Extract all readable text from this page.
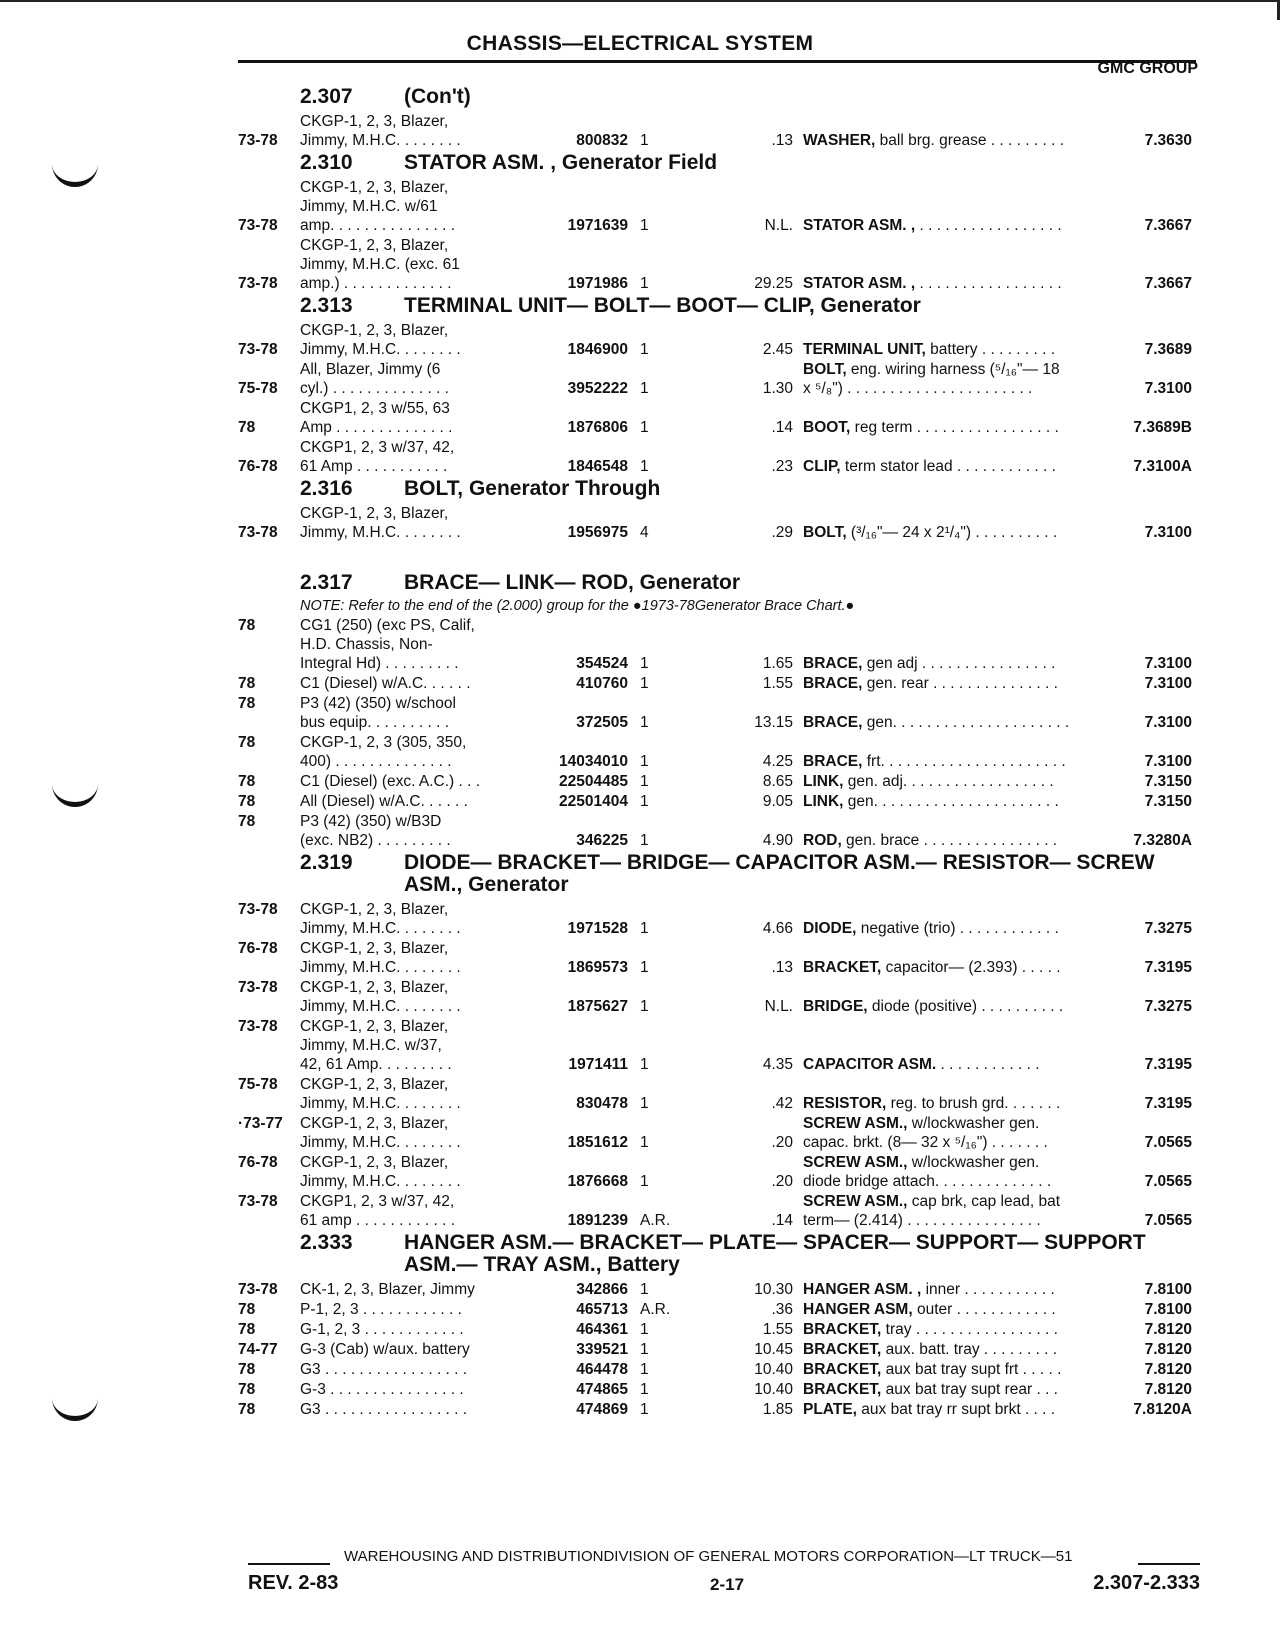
CHASSIS—ELECTRICAL SYSTEM
GMC GROUP
2.307	(Con't)
73-78
CKGP-1, 2, 3, Blazer,
Jimmy, M.H.C. . . . . . . .	800832 1	.13 WASHER, ball brg. grease . . . . . . . . .	7.3630
2.310	STATOR ASM. , Generator Field
73-78
CKGP-1, 2, 3, Blazer,
Jimmy, M.H.C. w/61
amp. . . . . . . . . . . . . . .	1971639 1	N.L. STATOR ASM. , . . . . . . . . . . . . . . . . .	7.3667
73-78
CKGP-1, 2, 3, Blazer,
Jimmy, M.H.C. (exc. 61
amp.) . . . . . . . . . . . . .	1971986 1	29.25 STATOR ASM. , . . . . . . . . . . . . . . . . .	7.3667
2.313	TERMINAL UNIT— BOLT— BOOT— CLIP, Generator
73-78
CKGP-1, 2, 3, Blazer,
Jimmy, M.H.C. . . . . . . .	1846900 1	2.45 TERMINAL UNIT, battery . . . . . . . . .	7.3689
75-78
All, Blazer, Jimmy (6
cyl.) . . . . . . . . . . . . . .	3952222 1	1.30
BOLT, eng. wiring harness (⁵/₁₆"— 18
x ⁵/₈") . . . . . . . . . . . . . . . . . . . . . .	7.3100
78
CKGP1, 2, 3 w/55, 63
Amp . . . . . . . . . . . . . .	1876806 1	.14 BOOT, reg term . . . . . . . . . . . . . . . . .	7.3689B
76-78
CKGP1, 2, 3 w/37, 42,
61 Amp . . . . . . . . . . .	1846548 1	.23 CLIP, term stator lead . . . . . . . . . . . .	7.3100A
2.316	BOLT, Generator Through
73-78
CKGP-1, 2, 3, Blazer,
Jimmy, M.H.C. . . . . . . .	1956975 4	.29 BOLT, (³/₁₆"— 24 x 2¹/₄") . . . . . . . . . .	7.3100
2.317	BRACE— LINK— ROD, Generator
NOTE: Refer to the end of the (2.000) group for the ●1973-78Generator Brace Chart.●
78	CG1 (250) (exc PS, Calif,
H.D. Chassis, Non-
Integral Hd) . . . . . . . . .	354524 1	1.65 BRACE, gen adj . . . . . . . . . . . . . . . .	7.3100
78	C1 (Diesel) w/A.C. . . . . .	410760 1	1.55 BRACE, gen. rear . . . . . . . . . . . . . . .	7.3100
78	P3 (42) (350) w/school
bus equip. . . . . . . . . .	372505 1	13.15 BRACE, gen. . . . . . . . . . . . . . . . . . . . .	7.3100
78	CKGP-1, 2, 3 (305, 350,
400) . . . . . . . . . . . . . .	14034010 1	4.25 BRACE, frt. . . . . . . . . . . . . . . . . . . . . .	7.3100
78	C1 (Diesel) (exc. A.C.) . . .	22504485 1	8.65 LINK, gen. adj. . . . . . . . . . . . . . . . . .	7.3150
78	All (Diesel) w/A.C. . . . . .	22501404 1	9.05 LINK, gen. . . . . . . . . . . . . . . . . . . . . .	7.3150
78	P3 (42) (350) w/B3D
(exc. NB2) . . . . . . . . .	346225 1	4.90 ROD, gen. brace . . . . . . . . . . . . . . . .	7.3280A
2.319	DIODE— BRACKET— BRIDGE— CAPACITOR ASM.— RESISTOR— SCREW ASM., Generator
73-78 CKGP-1, 2, 3, Blazer,
Jimmy, M.H.C. . . . . . . .	1971528 1	4.66 DIODE, negative (trio) . . . . . . . . . . . .	7.3275
76-78 CKGP-1, 2, 3, Blazer,
Jimmy, M.H.C. . . . . . . .	1869573 1	.13 BRACKET, capacitor— (2.393) . . . . .	7.3195
73-78 CKGP-1, 2, 3, Blazer,
Jimmy, M.H.C. . . . . . . .	1875627 1	N.L. BRIDGE, diode (positive) . . . . . . . . . .	7.3275
73-78 CKGP-1, 2, 3, Blazer,
Jimmy, M.H.C. w/37,
42, 61 Amp. . . . . . . . .	1971411 1	4.35 CAPACITOR ASM. . . . . . . . . . . . .	7.3195
75-78 CKGP-1, 2, 3, Blazer,
Jimmy, M.H.C. . . . . . . .	830478 1	.42 RESISTOR, reg. to brush grd. . . . . . .	7.3195
·73-77 CKGP-1, 2, 3, Blazer,
Jimmy, M.H.C. . . . . . . .	1851612 1	.20
SCREW ASM., w/lockwasher gen.
capac. brkt. (8— 32 x ⁵/₁₆") . . . . . . .	7.0565
76-78 CKGP-1, 2, 3, Blazer,
Jimmy, M.H.C. . . . . . . .	1876668 1	.20
SCREW ASM., w/lockwasher gen.
diode bridge attach. . . . . . . . . . . . . .	7.0565
73-78 CKGP1, 2, 3 w/37, 42,
61 amp . . . . . . . . . . . .	1891239 A.R.	.14
SCREW ASM., cap brk, cap lead, bat
term— (2.414) . . . . . . . . . . . . . . . .	7.0565
2.333	HANGER ASM.— BRACKET— PLATE— SPACER— SUPPORT— SUPPORT ASM.— TRAY ASM., Battery
73-78 CK-1, 2, 3, Blazer, Jimmy	342866 1	10.30 HANGER ASM. , inner . . . . . . . . . . .	7.8100
78	P-1, 2, 3 . . . . . . . . . . . .	465713 A.R.	.36 HANGER ASM, outer . . . . . . . . . . . .	7.8100
78	G-1, 2, 3 . . . . . . . . . . . .	464361 1	1.55 BRACKET, tray . . . . . . . . . . . . . . . . .	7.8120
74-77 G-3 (Cab) w/aux. battery	339521 1	10.45 BRACKET, aux. batt. tray . . . . . . . . .	7.8120
78	G3 . . . . . . . . . . . . . . . . .	464478 1	10.40 BRACKET, aux bat tray supt frt . . . . .	7.8120
78	G-3 . . . . . . . . . . . . . . . .	474865 1	10.40 BRACKET, aux bat tray supt rear . . .	7.8120
78	G3 . . . . . . . . . . . . . . . . .	474869 1	1.85 PLATE, aux bat tray rr supt brkt . . . .	7.8120A
WAREHOUSING AND DISTRIBUTIONDIVISION OF GENERAL MOTORS CORPORATION—LT TRUCK—51
REV. 2-83	2-17	2.307-2.333
